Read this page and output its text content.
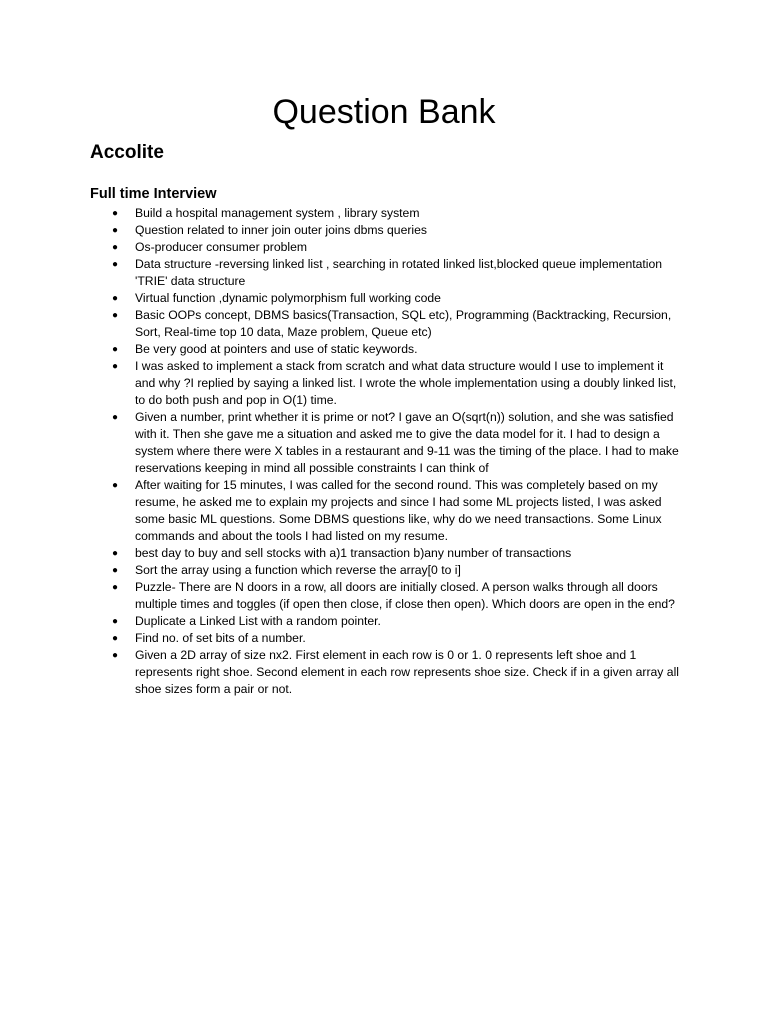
Question Bank
Accolite
Full time Interview
● Build a hospital management system , library system
● Question related to inner join outer joins dbms queries
● Os-producer consumer problem
● Data structure -reversing linked list , searching in rotated linked list,blocked queue implementation 'TRIE' data structure
● Virtual function ,dynamic polymorphism full working code
● Basic OOPs concept, DBMS basics(Transaction, SQL etc), Programming (Backtracking, Recursion, Sort, Real-time top 10 data, Maze problem, Queue etc)
● Be very good at pointers and use of static keywords.
● I was asked to implement a stack from scratch and what data structure would I use to implement it and why ?I replied by saying a linked list. I wrote the whole implementation using a doubly linked list, to do both push and pop in O(1) time.
● Given a number, print whether it is prime or not? I gave an O(sqrt(n)) solution, and she was satisfied with it. Then she gave me a situation and asked me to give the data model for it. I had to design a system where there were X tables in a restaurant and 9-11 was the timing of the place. I had to make reservations keeping in mind all possible constraints I can think of
● After waiting for 15 minutes, I was called for the second round. This was completely based on my resume, he asked me to explain my projects and since I had some ML projects listed, I was asked some basic ML questions. Some DBMS questions like, why do we need transactions. Some Linux commands and about the tools I had listed on my resume.
● best day to buy and sell stocks with a)1 transaction b)any number of transactions
● Sort the array using a function which reverse the array[0 to i]
● Puzzle- There are N doors in a row, all doors are initially closed. A person walks through all doors multiple times and toggles (if open then close, if close then open). Which doors are open in the end?
● Duplicate a Linked List with a random pointer.
● Find no. of set bits of a number.
● Given a 2D array of size nx2. First element in each row is 0 or 1. 0 represents left shoe and 1 represents right shoe. Second element in each row represents shoe size. Check if in a given array all shoe sizes form a pair or not.
